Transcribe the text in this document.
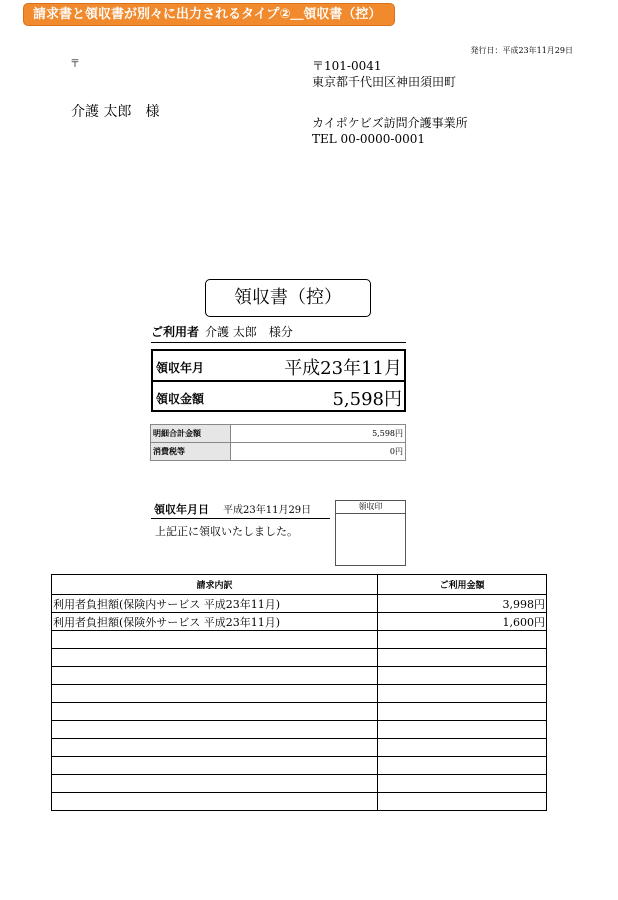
請求書と領収書が別々に出力されるタイプ②＿領収書（控）
発行日：平成23年11月29日
〒
介護 太郎　様
〒101-0041
東京都千代田区神田須田町
カイポケビズ訪問介護事業所
TEL 00-0000-0001
領収書（控）
ご利用者 介護 太郎　様分
領収年月	平成23年11月
領収金額	5,598円
明細合計金額	5,598円
消費税等	0円
領収年月日 平成23年11月29日
上記正に領収いたしました。
領収印
請求内訳	ご利用金額
利用者負担額(保険内サービス 平成23年11月)	3,998円
利用者負担額(保険外サービス 平成23年11月)	1,600円
